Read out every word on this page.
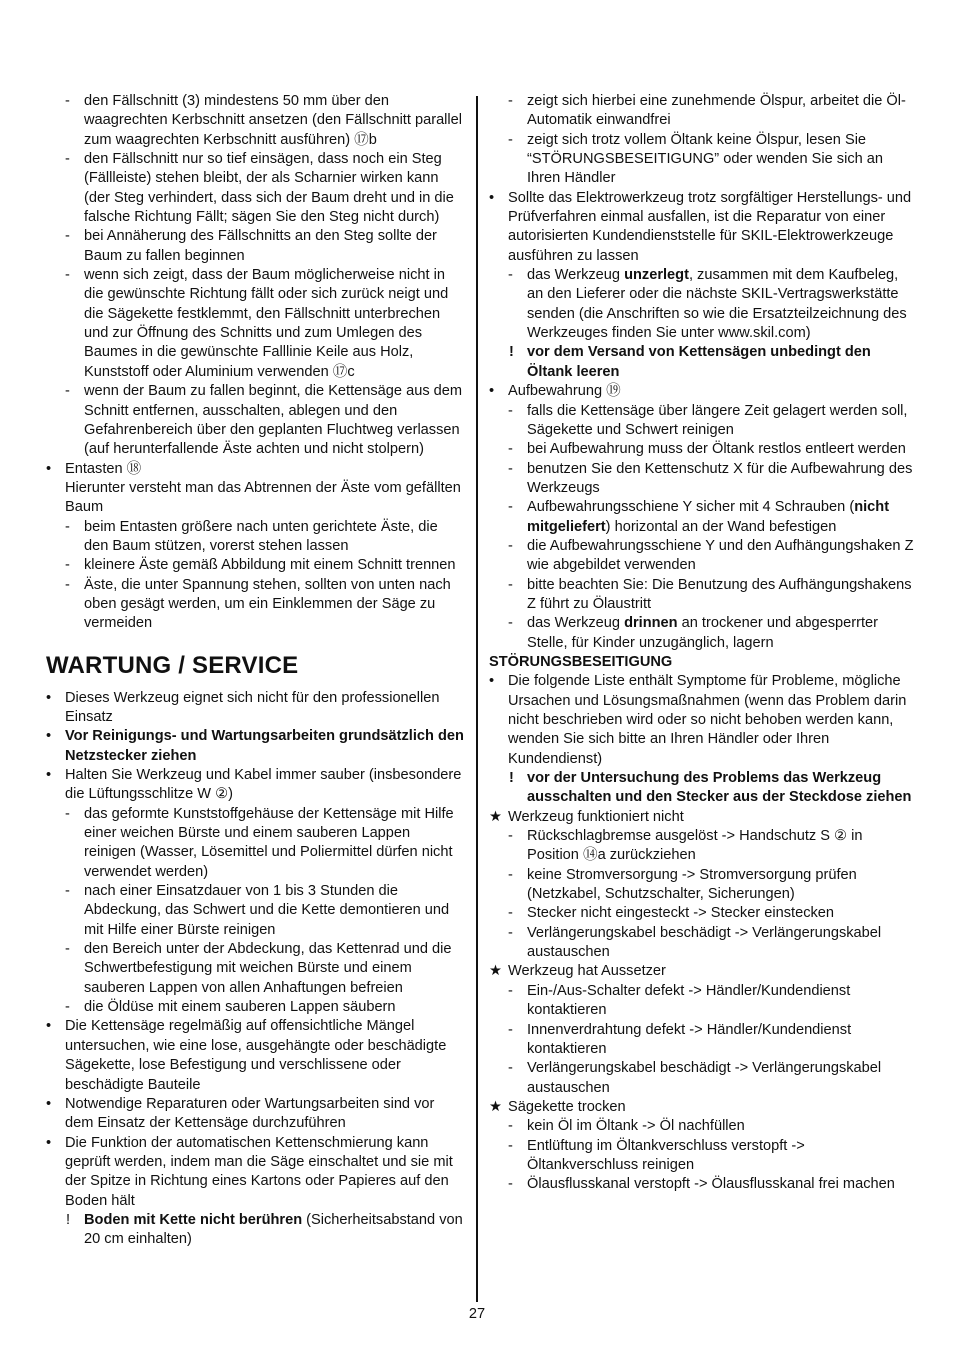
- den Fällschnitt (3) mindestens 50 mm über den waagrechten Kerbschnitt ansetzen (den Fällschnitt parallel zum waagrechten Kerbschnitt ausführen) ⑰b
- den Fällschnitt nur so tief einsägen, dass noch ein Steg (Fällleiste) stehen bleibt, der als Scharnier wirken kann (der Steg verhindert, dass sich der Baum dreht und in die falsche Richtung Fällt; sägen Sie den Steg nicht durch)
- bei Annäherung des Fällschnitts an den Steg sollte der Baum zu fallen beginnen
- wenn sich zeigt, dass der Baum möglicherweise nicht in die gewünschte Richtung fällt oder sich zurück neigt und die Sägekette festklemmt, den Fällschnitt unterbrechen und zur Öffnung des Schnitts und zum Umlegen des Baumes in die gewünschte Falllinie Keile aus Holz, Kunststoff oder Aluminium verwenden ⑰c
- wenn der Baum zu fallen beginnt, die Kettensäge aus dem Schnitt entfernen, ausschalten, ablegen und den Gefahrenbereich über den geplanten Fluchtweg verlassen (auf herunterfallende Äste achten und nicht stolpern)
• Entasten ⑱
Hierunter versteht man das Abtrennen der Äste vom gefällten Baum
- beim Entasten größere nach unten gerichtete Äste, die den Baum stützen, vorerst stehen lassen
- kleinere Äste gemäß Abbildung mit einem Schnitt trennen
- Äste, die unter Spannung stehen, sollten von unten nach oben gesägt werden, um ein Einklemmen der Säge zu vermeiden
WARTUNG / SERVICE
• Dieses Werkzeug eignet sich nicht für den professionellen Einsatz
• Vor Reinigungs- und Wartungsarbeiten grundsätzlich den Netzstecker ziehen
• Halten Sie Werkzeug und Kabel immer sauber (insbesondere die Lüftungsschlitze W ②)
- das geformte Kunststoffgehäuse der Kettensäge mit Hilfe einer weichen Bürste und einem sauberen Lappen reinigen (Wasser, Lösemittel und Poliermittel dürfen nicht verwendet werden)
- nach einer Einsatzdauer von 1 bis 3 Stunden die Abdeckung, das Schwert und die Kette demontieren und mit Hilfe einer Bürste reinigen
- den Bereich unter der Abdeckung, das Kettenrad und die Schwertbefestigung mit weichen Bürste und einem sauberen Lappen von allen Anhaftungen befreien
- die Öldüse mit einem sauberen Lappen säubern
• Die Kettensäge regelmäßig auf offensichtliche Mängel untersuchen, wie eine lose, ausgehängte oder beschädigte Sägekette, lose Befestigung und verschlissene oder beschädigte Bauteile
• Notwendige Reparaturen oder Wartungsarbeiten sind vor dem Einsatz der Kettensäge durchzuführen
• Die Funktion der automatischen Kettenschmierung kann geprüft werden, indem man die Säge einschaltet und sie mit der Spitze in Richtung eines Kartons oder Papieres auf den Boden hält
! Boden mit Kette nicht berühren (Sicherheitsabstand von 20 cm einhalten)
- zeigt sich hierbei eine zunehmende Ölspur, arbeitet die Öl-Automatik einwandfrei
- zeigt sich trotz vollem Öltank keine Ölspur, lesen Sie “STÖRUNGSBESEITIGUNG” oder wenden Sie sich an Ihren Händler
• Sollte das Elektrowerkzeug trotz sorgfältiger Herstellungs- und Prüfverfahren einmal ausfallen, ist die Reparatur von einer autorisierten Kundendienststelle für SKIL-Elektrowerkzeuge ausführen zu lassen
- das Werkzeug unzerlegt, zusammen mit dem Kaufbeleg, an den Lieferer oder die nächste SKIL-Vertragswerkstätte senden (die Anschriften so wie die Ersatzteilzeichnung des Werkzeuges finden Sie unter www.skil.com)
! vor dem Versand von Kettensägen unbedingt den Öltank leeren
• Aufbewahrung ⑲
- falls die Kettensäge über längere Zeit gelagert werden soll, Sägekette und Schwert reinigen
- bei Aufbewahrung muss der Öltank restlos entleert werden
- benutzen Sie den Kettenschutz X für die Aufbewahrung des Werkzeugs
- Aufbewahrungsschiene Y sicher mit 4 Schrauben (nicht mitgeliefert) horizontal an der Wand befestigen
- die Aufbewahrungsschiene Y und den Aufhängungshaken Z wie abgebildet verwenden
- bitte beachten Sie: Die Benutzung des Aufhängungshakens Z führt zu Ölaustritt
- das Werkzeug drinnen an trockener und abgesperrter Stelle, für Kinder unzugänglich, lagern
STÖRUNGSBESEITIGUNG
• Die folgende Liste enthält Symptome für Probleme, mögliche Ursachen und Lösungsmaßnahmen (wenn das Problem darin nicht beschrieben wird oder so nicht behoben werden kann, wenden Sie sich bitte an Ihren Händler oder Ihren Kundendienst)
! vor der Untersuchung des Problems das Werkzeug ausschalten und den Stecker aus der Steckdose ziehen
★ Werkzeug funktioniert nicht
- Rückschlagbremse ausgelöst -> Handschutz S ② in Position ⑭a zurückziehen
- keine Stromversorgung -> Stromversorgung prüfen (Netzkabel, Schutzschalter, Sicherungen)
- Stecker nicht eingesteckt -> Stecker einstecken
- Verlängerungskabel beschädigt -> Verlängerungskabel austauschen
★ Werkzeug hat Aussetzer
- Ein-/Aus-Schalter defekt -> Händler/Kundendienst kontaktieren
- Innenverdrahtung defekt -> Händler/Kundendienst kontaktieren
- Verlängerungskabel beschädigt -> Verlängerungskabel austauschen
★ Sägekette trocken
- kein Öl im Öltank -> Öl nachfüllen
- Entlüftung im Öltankverschluss verstopft -> Öltankverschluss reinigen
- Ölausflusskanal verstopft -> Ölausflusskanal frei machen
27
